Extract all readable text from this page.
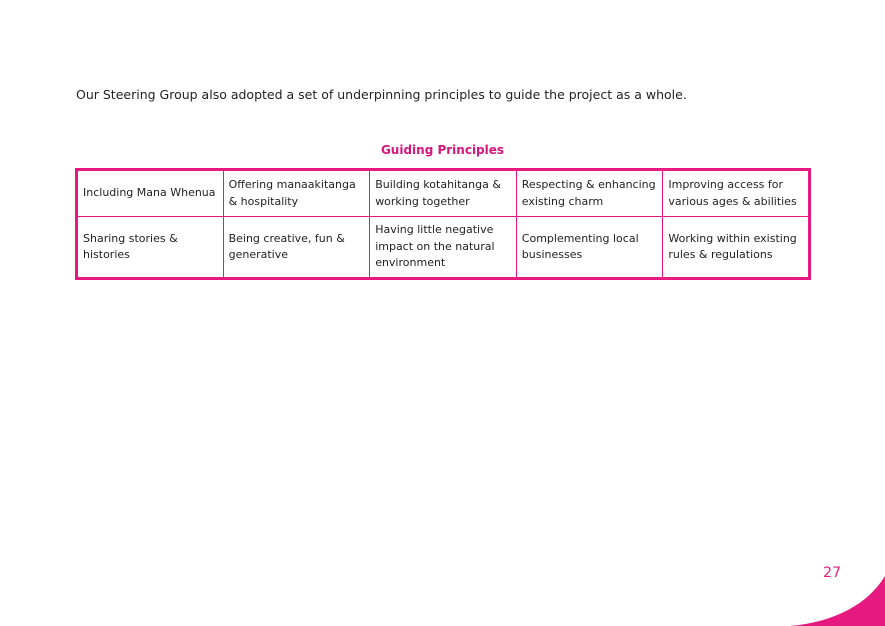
Our Steering Group also adopted a set of underpinning principles to guide the project as a whole.

Guiding Principles
Including Mana Whenua	Offering manaakitanga & hospitality	Building kotahitanga & working together	Respecting & enhancing existing charm	Improving access for various ages & abilities
Sharing stories & histories	Being creative, fun & generative	Having little negative impact on the natural environment	Complementing local businesses	Working within existing rules & regulations
27
